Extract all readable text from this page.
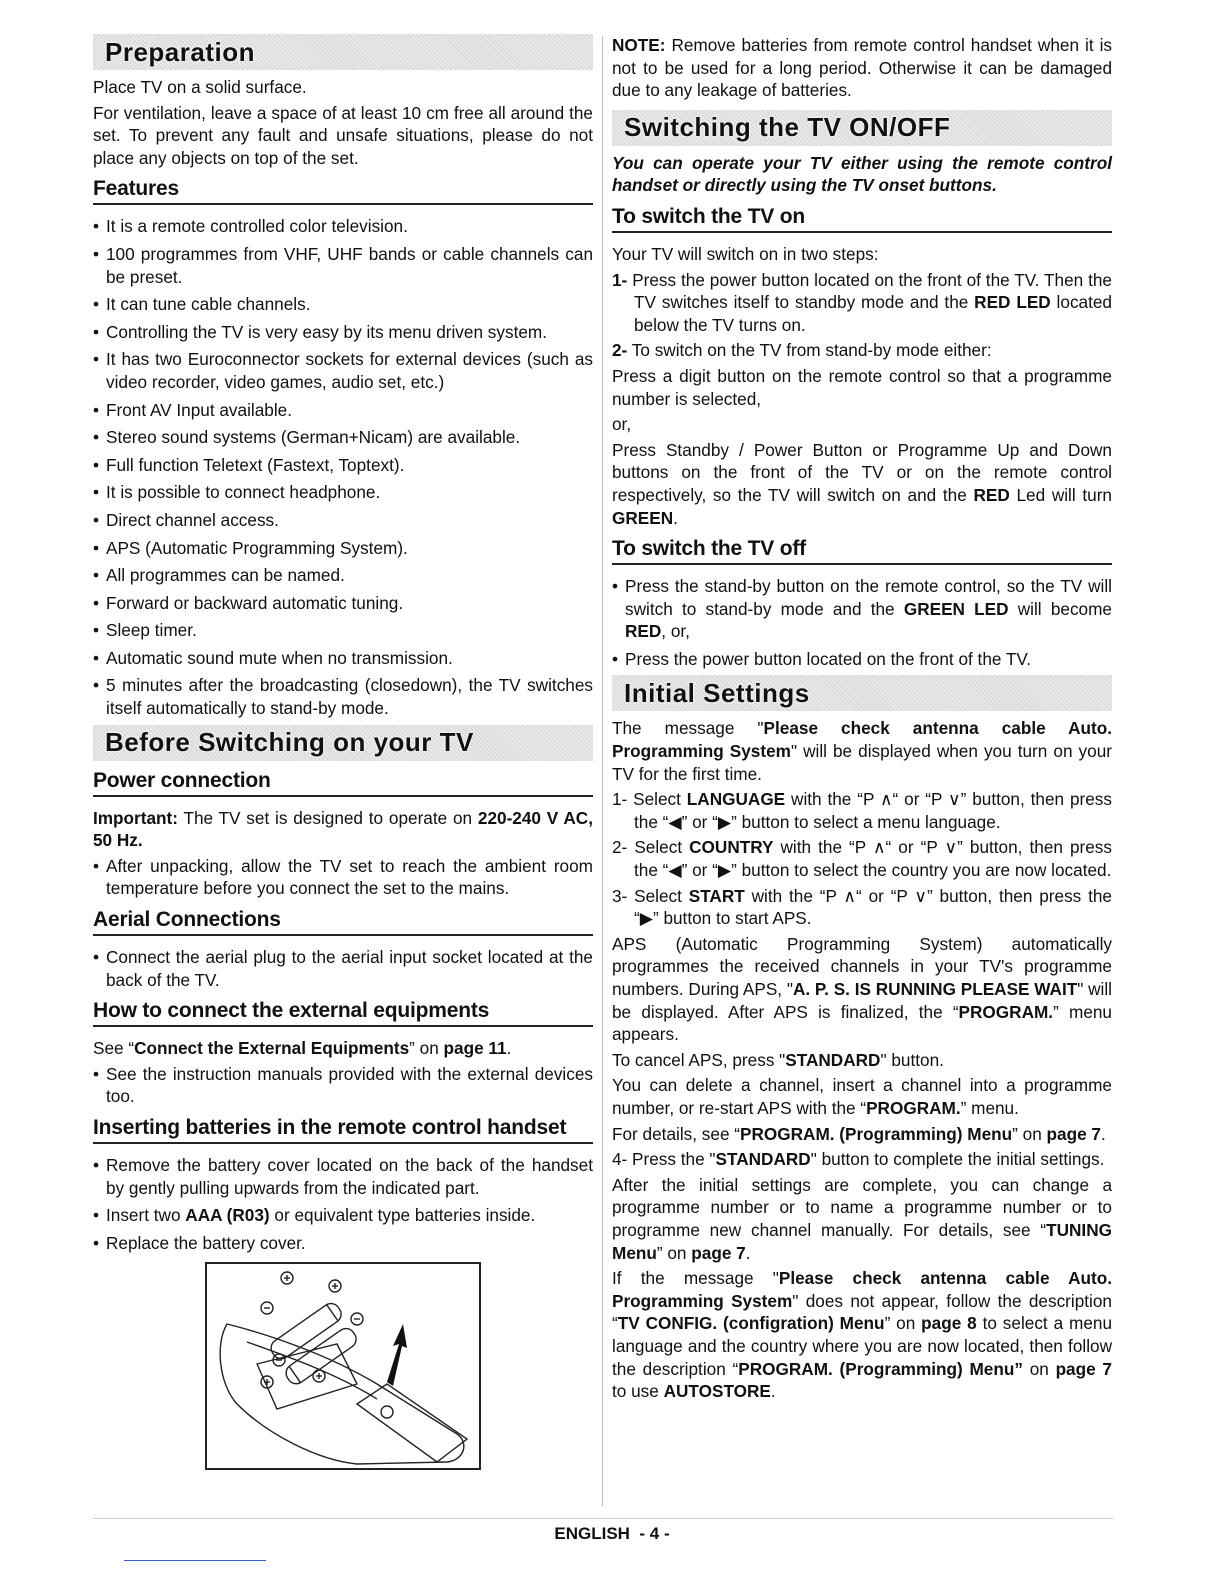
Preparation

Place TV on a solid surface.

For ventilation, leave a space of at least 10 cm free all around the set. To prevent any fault and unsafe situations, please do not place any objects on top of the set.

Features
• It is a remote controlled color television.
• 100 programmes from VHF, UHF bands or cable channels can be preset.
• It can tune cable channels.
• Controlling the TV is very easy by its menu driven system.
• It has two Euroconnector sockets for external devices (such as video recorder, video games, audio set, etc.)
• Front AV Input available.
• Stereo sound systems (German+Nicam) are available.
• Full function Teletext (Fastext, Toptext).
• It is possible to connect headphone.
• Direct channel access.
• APS (Automatic Programming System).
• All programmes can be named.
• Forward or backward automatic tuning.
• Sleep timer.
• Automatic sound mute when no transmission.
• 5 minutes after the broadcasting (closedown), the TV switches itself automatically to stand-by mode.
Before Switching on your TV
Power connection

Important: The TV set is designed to operate on 220-240 V AC, 50 Hz.

• After unpacking, allow the TV set to reach the ambient room temperature before you connect the set to the mains.
Aerial Connections
• Connect the aerial plug to the aerial input socket located at the back of the TV.
How to connect the external equipments

See “Connect the External Equipments” on page 11.

• See the instruction manuals provided with the external devices too.
Inserting batteries in the remote control handset
• Remove the battery cover located on the back of the handset by gently pulling upwards from the indicated part.
• Insert two AAA (R03) or equivalent type batteries inside.
• Replace the battery cover.

NOTE: Remove batteries from remote control handset when it is not to be used for a long period. Otherwise it can be damaged due to any leakage of batteries.

Switching the TV ON/OFF

You can operate your TV either using the remote control handset or directly using the TV onset buttons.

To switch the TV on

Your TV will switch on in two steps:

1- Press the power button located on the front of the TV. Then the TV switches itself to standby mode and the RED LED located below the TV turns on.

2- To switch on the TV from stand-by mode either:

Press a digit button on the remote control so that a programme number is selected,

or,

Press Standby / Power Button or Programme Up and Down buttons on the front of the TV or on the remote control respectively, so the TV will switch on and the RED Led will turn GREEN.

To switch the TV off
• Press the stand-by button on the remote control, so the TV will switch to stand-by mode and the GREEN LED will become RED, or,
• Press the power button located on the front of the TV.
Initial Settings

The message "Please check antenna cable Auto. Programming System" will be displayed when you turn on your TV for the first time.

1- Select LANGUAGE with the “P ∧“ or “P ∨” button, then press the “◀” or “▶” button to select a menu language.

2- Select COUNTRY with the “P ∧“ or “P ∨” button, then press the “◀” or “▶” button to select the country you are now located.

3- Select START with the “P ∧“ or “P ∨” button, then press the “▶” button to start APS.

APS (Automatic Programming System) automatically programmes the received channels in your TV's programme numbers. During APS, "A. P. S. IS RUNNING PLEASE WAIT" will be displayed. After APS is finalized, the “PROGRAM.” menu appears.

To cancel APS, press "STANDARD" button.

You can delete a channel, insert a channel into a programme number, or re-start APS with the “PROGRAM.” menu.

For details, see “PROGRAM. (Programming) Menu” on page 7.

4- Press the "STANDARD" button to complete the initial settings.

After the initial settings are complete, you can change a programme number or to name a programme number or to programme new channel manually. For details, see “TUNING Menu” on page 7.

If the message "Please check antenna cable Auto. Programming System" does not appear, follow the description “TV CONFIG. (configration) Menu” on page 8 to select a menu language and the country where you are now located, then follow the description “PROGRAM. (Programming) Menu” on page 7 to use AUTOSTORE.

ENGLISH - 4 -
